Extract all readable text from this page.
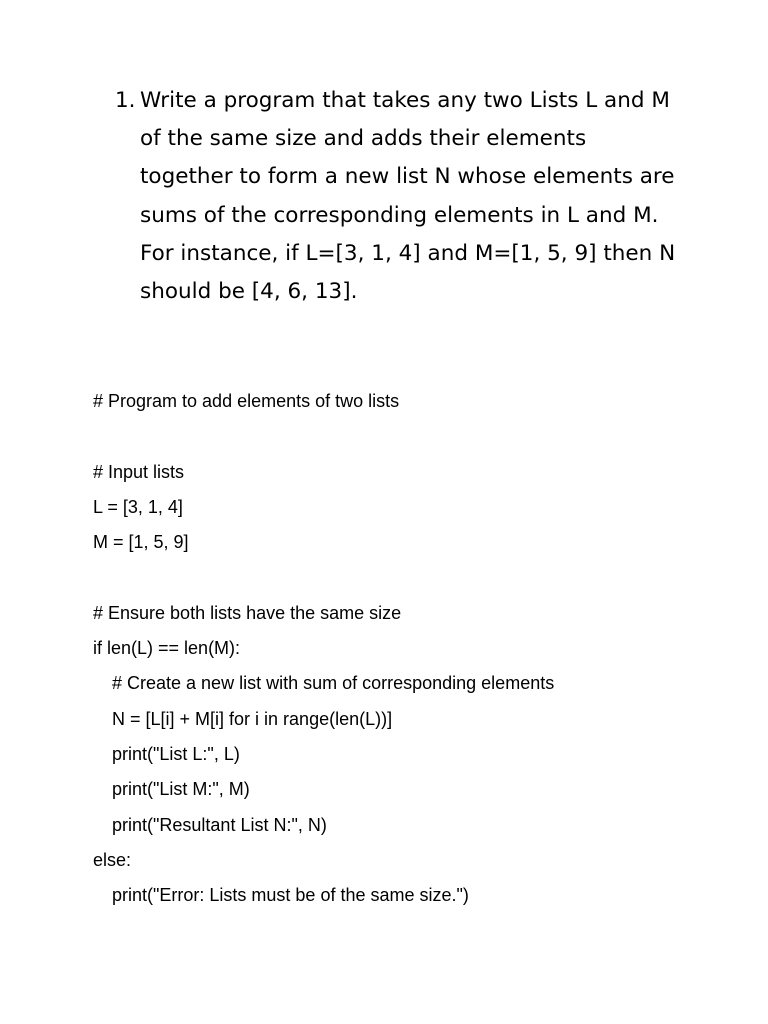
1. Write a program that takes any two Lists L and M of the same size and adds their elements together to form a new list N whose elements are sums of the corresponding elements in L and M. For instance, if L=[3, 1, 4] and M=[1, 5, 9] then N should be [4, 6, 13].
# Program to add elements of two lists
# Input lists
L = [3, 1, 4]
M = [1, 5, 9]
# Ensure both lists have the same size
if len(L) == len(M):
# Create a new list with sum of corresponding elements
N = [L[i] + M[i] for i in range(len(L))]
print("List L:", L)
print("List M:", M)
print("Resultant List N:", N)
else:
print("Error: Lists must be of the same size.")
